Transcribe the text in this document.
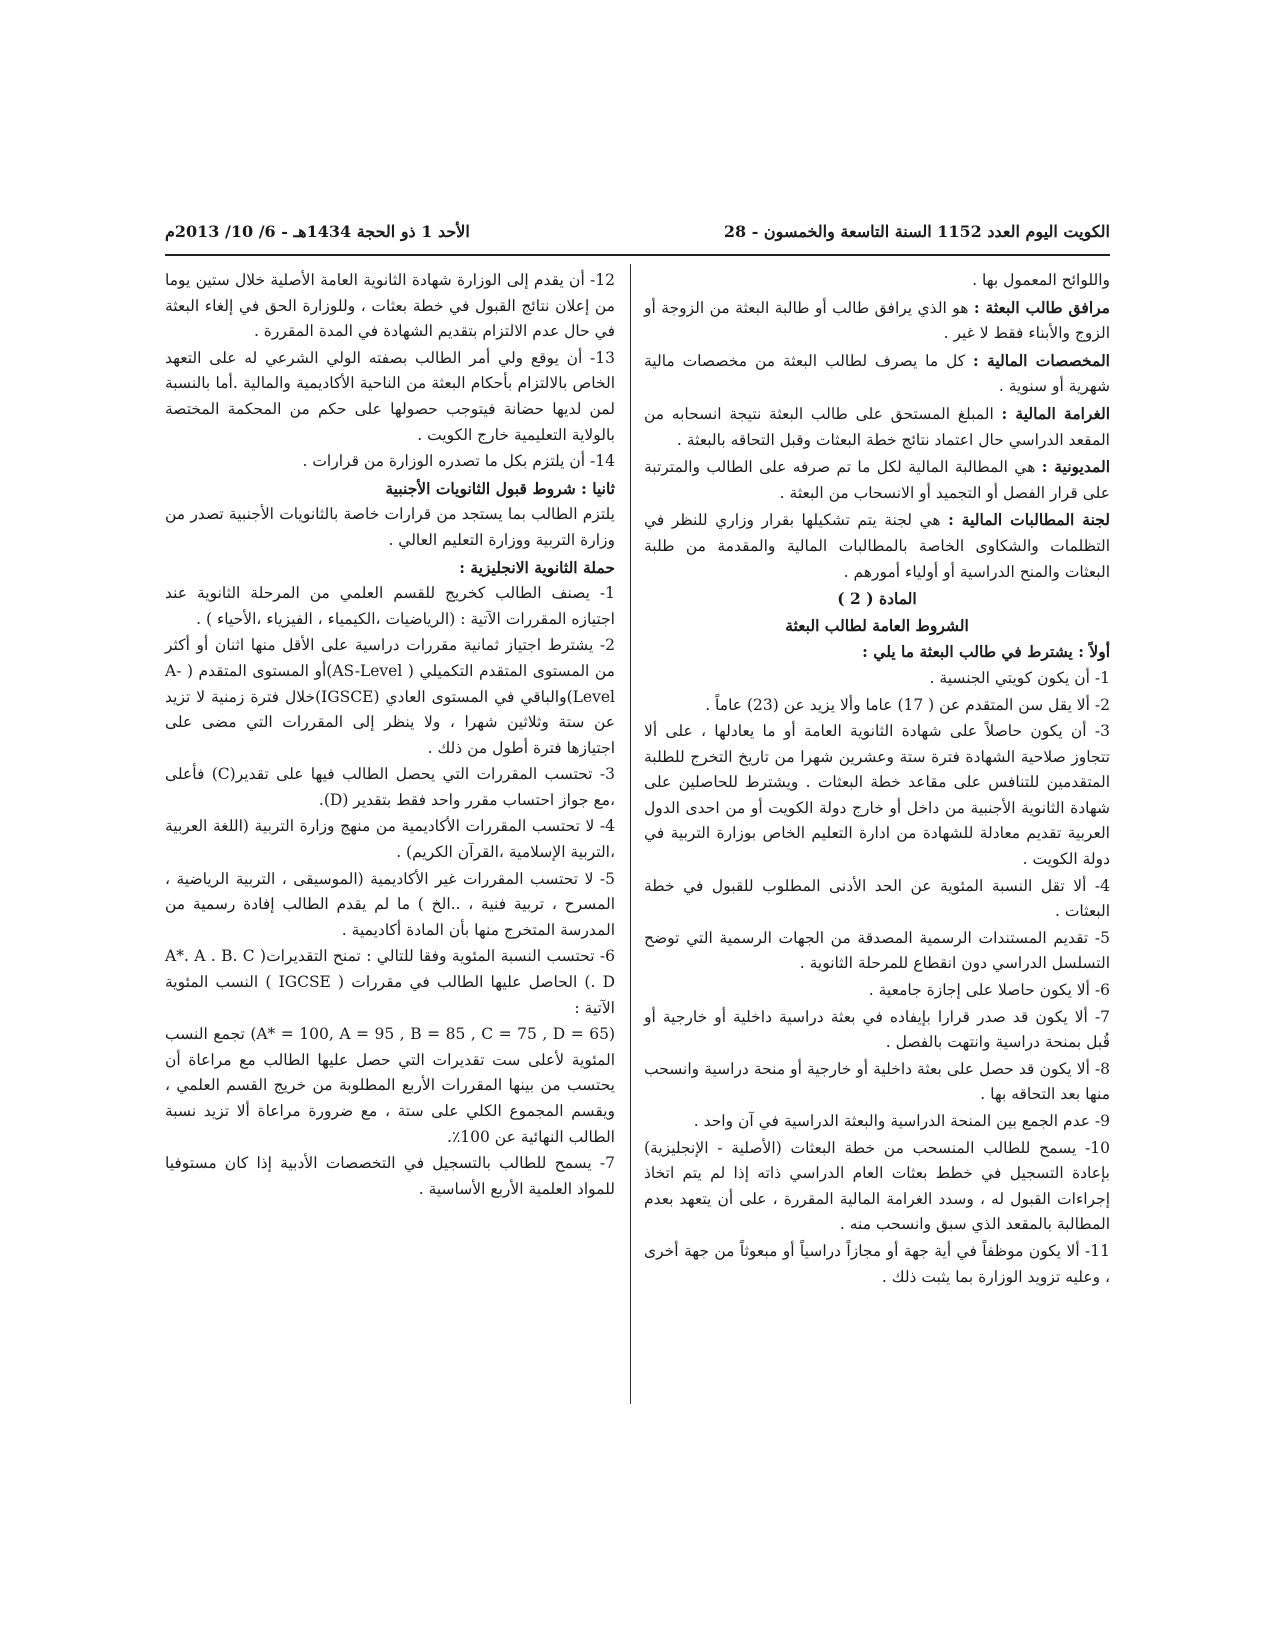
الكويت اليوم العدد 1152 السنة التاسعة والخمسون - 28
الأحد 1 ذو الحجة 1434هـ - 6/ 10/ 2013م

واللوائح المعمول بها .

مرافق طالب البعثة : هو الذي يرافق طالب أو طالبة البعثة من الزوجة أو الزوج والأبناء فقط لا غير .

المخصصات المالية : كل ما يصرف لطالب البعثة من مخصصات مالية شهرية أو سنوية .

الغرامة المالية : المبلغ المستحق على طالب البعثة نتيجة انسحابه من المقعد الدراسي حال اعتماد نتائج خطة البعثات وقبل التحاقه بالبعثة .

المديونية : هي المطالبة المالية لكل ما تم صرفه على الطالب والمترتبة على قرار الفصل أو التجميد أو الانسحاب من البعثة .

لجنة المطالبات المالية : هي لجنة يتم تشكيلها بقرار وزاري للنظر في التظلمات والشكاوى الخاصة بالمطالبات المالية والمقدمة من طلبة البعثات والمنح الدراسية أو أولياء أمورهم .

المادة ( 2 )

الشروط العامة لطالب البعثة

أولاً : يشترط في طالب البعثة ما يلي :

1- أن يكون كويتي الجنسية .

2- ألا يقل سن المتقدم عن ( 17) عاما وألا يزيد عن (23) عاماً .

3- أن يكون حاصلاً على شهادة الثانوية العامة أو ما يعادلها ، على ألا تتجاوز صلاحية الشهادة فترة ستة وعشرين شهرا من تاريخ التخرج للطلبة المتقدمين للتنافس على مقاعد خطة البعثات . ويشترط للحاصلين على شهادة الثانوية الأجنبية من داخل أو خارج دولة الكويت أو من احدى الدول العربية تقديم معادلة للشهادة من ادارة التعليم الخاص بوزارة التربية في دولة الكويت .

4- ألا تقل النسبة المئوية عن الحد الأدنى المطلوب للقبول في خطة البعثات .

5- تقديم المستندات الرسمية المصدقة من الجهات الرسمية التي توضح التسلسل الدراسي دون انقطاع للمرحلة الثانوية .

6- ألا يكون حاصلا على إجازة جامعية .

7- ألا يكون قد صدر قرارا بإيفاده في بعثة دراسية داخلية أو خارجية أو قُبل بمنحة دراسية وانتهت بالفصل .

8- ألا يكون قد حصل على بعثة داخلية أو خارجية أو منحة دراسية وانسحب منها بعد التحاقه بها .

9- عدم الجمع بين المنحة الدراسية والبعثة الدراسية في آن واحد .

10- يسمح للطالب المنسحب من خطة البعثات (الأصلية - الإنجليزية) بإعادة التسجيل في خطط بعثات العام الدراسي ذاته إذا لم يتم اتخاذ إجراءات القبول له ، وسدد الغرامة المالية المقررة ، على أن يتعهد بعدم المطالبة بالمقعد الذي سبق وانسحب منه .

11- ألا يكون موظفاً في أية جهة أو مجازاً دراسياً أو مبعوثاً من جهة أخرى ، وعليه تزويد الوزارة بما يثبت ذلك .

12- أن يقدم إلى الوزارة شهادة الثانوية العامة الأصلية خلال ستين يوما من إعلان نتائج القبول في خطة بعثات ، وللوزارة الحق في إلغاء البعثة في حال عدم الالتزام بتقديم الشهادة في المدة المقررة .

13- أن يوقع ولي أمر الطالب بصفته الولي الشرعي له على التعهد الخاص بالالتزام بأحكام البعثة من الناحية الأكاديمية والمالية .أما بالنسبة لمن لديها حضانة فيتوجب حصولها على حكم من المحكمة المختصة بالولاية التعليمية خارج الكويت .

14- أن يلتزم بكل ما تصدره الوزارة من قرارات .

ثانيا : شروط قبول الثانويات الأجنبية

يلتزم الطالب بما يستجد من قرارات خاصة بالثانويات الأجنبية تصدر من وزارة التربية ووزارة التعليم العالي .

حملة الثانوية الانجليزية :

1- يصنف الطالب كخريج للقسم العلمي من المرحلة الثانوية عند اجتيازه المقررات الآتية : (الرياضيات ،الكيمياء ، الفيزياء ،الأحياء ) .

2- يشترط اجتياز ثمانية مقررات دراسية على الأقل منها اثنان أو أكثر من المستوى المتقدم التكميلي ( AS-Level)أو المستوى المتقدم ( A-Level)والباقي في المستوى العادي (IGSCE)خلال فترة زمنية لا تزيد عن ستة وثلاثين شهرا ، ولا ينظر إلى المقررات التي مضى على اجتيازها فترة أطول من ذلك .

3- تحتسب المقررات التي يحصل الطالب فيها على تقدير(C) فأعلى ،مع جواز احتساب مقرر واحد فقط بتقدير (D).

4- لا تحتسب المقررات الأكاديمية من منهج وزارة التربية (اللغة العربية ،التربية الإسلامية ،القرآن الكريم) .

5- لا تحتسب المقررات غير الأكاديمية (الموسيقى ، التربية الرياضية ، المسرح ، تربية فنية ، ..الخ ) ما لم يقدم الطالب إفادة رسمية من المدرسة المتخرج منها بأن المادة أكاديمية .

6- تحتسب النسبة المئوية وفقا للتالي : تمنح التقديرات( A*. A . B. C . D) الحاصل عليها الطالب في مقررات ( IGCSE ) النسب المئوية الآتية :

(A* = 100, A = 95 , B = 85 , C = 75 , D = 65) تجمع النسب المئوية لأعلى ست تقديرات التي حصل عليها الطالب مع مراعاة أن يحتسب من بينها المقررات الأربع المطلوبة من خريج القسم العلمي ، ويقسم المجموع الكلي على ستة ، مع ضرورة مراعاة ألا تزيد نسبة الطالب النهائية عن 100٪.

7- يسمح للطالب بالتسجيل في التخصصات الأدبية إذا كان مستوفيا للمواد العلمية الأربع الأساسية .
